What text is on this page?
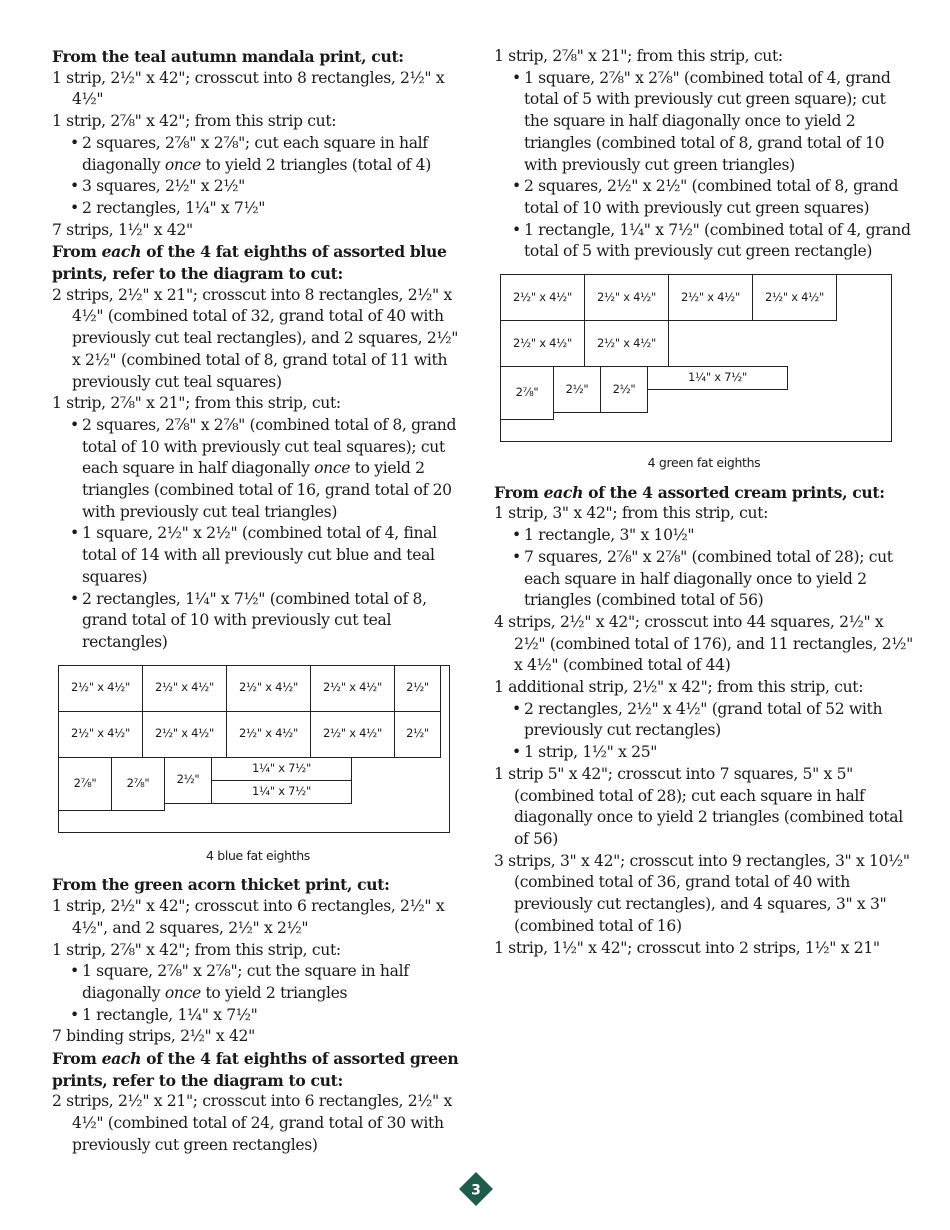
From the teal autumn mandala print, cut:
1 strip, 2½" x 42"; crosscut into 8 rectangles, 2½" x 4½"
1 strip, 2⅞" x 42"; from this strip cut:
• 2 squares, 2⅞" x 2⅞"; cut each square in half diagonally once to yield 2 triangles (total of 4)
• 3 squares, 2½" x 2½"
• 2 rectangles, 1¼" x 7½"
7 strips, 1½" x 42"
From each of the 4 fat eighths of assorted blue prints, refer to the diagram to cut:
2 strips, 2½" x 21"; crosscut into 8 rectangles, 2½" x 4½" (combined total of 32, grand total of 40 with previously cut teal rectangles), and 2 squares, 2½" x 2½" (combined total of 8, grand total of 11 with previously cut teal squares)
1 strip, 2⅞" x 21"; from this strip, cut:
• 2 squares, 2⅞" x 2⅞" (combined total of 8, grand total of 10 with previously cut teal squares); cut each square in half diagonally once to yield 2 triangles (combined total of 16, grand total of 20 with previously cut teal triangles)
• 1 square, 2½" x 2½" (combined total of 4, final total of 14 with all previously cut blue and teal squares)
• 2 rectangles, 1¼" x 7½" (combined total of 8, grand total of 10 with previously cut teal rectangles)
2½" x 4½"	2½" x 4½"	2½" x 4½"	2½" x 4½"	2½"
2½" x 4½"	2½" x 4½"	2½" x 4½"	2½" x 4½"	2½"
2⅞"	2⅞"	2½"
1¼" x 7½"
1¼" x 7½"
4 blue fat eighths
From the green acorn thicket print, cut:
1 strip, 2½" x 42"; crosscut into 6 rectangles, 2½" x 4½", and 2 squares, 2½" x 2½"
1 strip, 2⅞" x 42"; from this strip, cut:
• 1 square, 2⅞" x 2⅞"; cut the square in half diagonally once to yield 2 triangles
• 1 rectangle, 1¼" x 7½"
7 binding strips, 2½" x 42"
From each of the 4 fat eighths of assorted green prints, refer to the diagram to cut:
2 strips, 2½" x 21"; crosscut into 6 rectangles, 2½" x 4½" (combined total of 24, grand total of 30 with previously cut green rectangles)
1 strip, 2⅞" x 21"; from this strip, cut:
• 1 square, 2⅞" x 2⅞" (combined total of 4, grand total of 5 with previously cut green square); cut the square in half diagonally once to yield 2 triangles (combined total of 8, grand total of 10 with previously cut green triangles)
• 2 squares, 2½" x 2½" (combined total of 8, grand total of 10 with previously cut green squares)
• 1 rectangle, 1¼" x 7½" (combined total of 4, grand total of 5 with previously cut green rectangle)
2½" x 4½"	2½" x 4½"	2½" x 4½"	2½" x 4½"
2½" x 4½"	2½" x 4½"
2⅞"	2½"	2½"
1¼" x 7½"
4 green fat eighths
From each of the 4 assorted cream prints, cut:
1 strip, 3" x 42"; from this strip, cut:
• 1 rectangle, 3" x 10½"
• 7 squares, 2⅞" x 2⅞" (combined total of 28); cut each square in half diagonally once to yield 2 triangles (combined total of 56)
4 strips, 2½" x 42"; crosscut into 44 squares, 2½" x 2½" (combined total of 176), and 11 rectangles, 2½" x 4½" (combined total of 44)
1 additional strip, 2½" x 42"; from this strip, cut:
• 2 rectangles, 2½" x 4½" (grand total of 52 with previously cut rectangles)
• 1 strip, 1½" x 25"
1 strip 5" x 42"; crosscut into 7 squares, 5" x 5" (combined total of 28); cut each square in half diagonally once to yield 2 triangles (combined total of 56)
3 strips, 3" x 42"; crosscut into 9 rectangles, 3" x 10½" (combined total of 36, grand total of 40 with previously cut rectangles), and 4 squares, 3" x 3" (combined total of 16)
1 strip, 1½" x 42"; crosscut into 2 strips, 1½" x 21"
3
